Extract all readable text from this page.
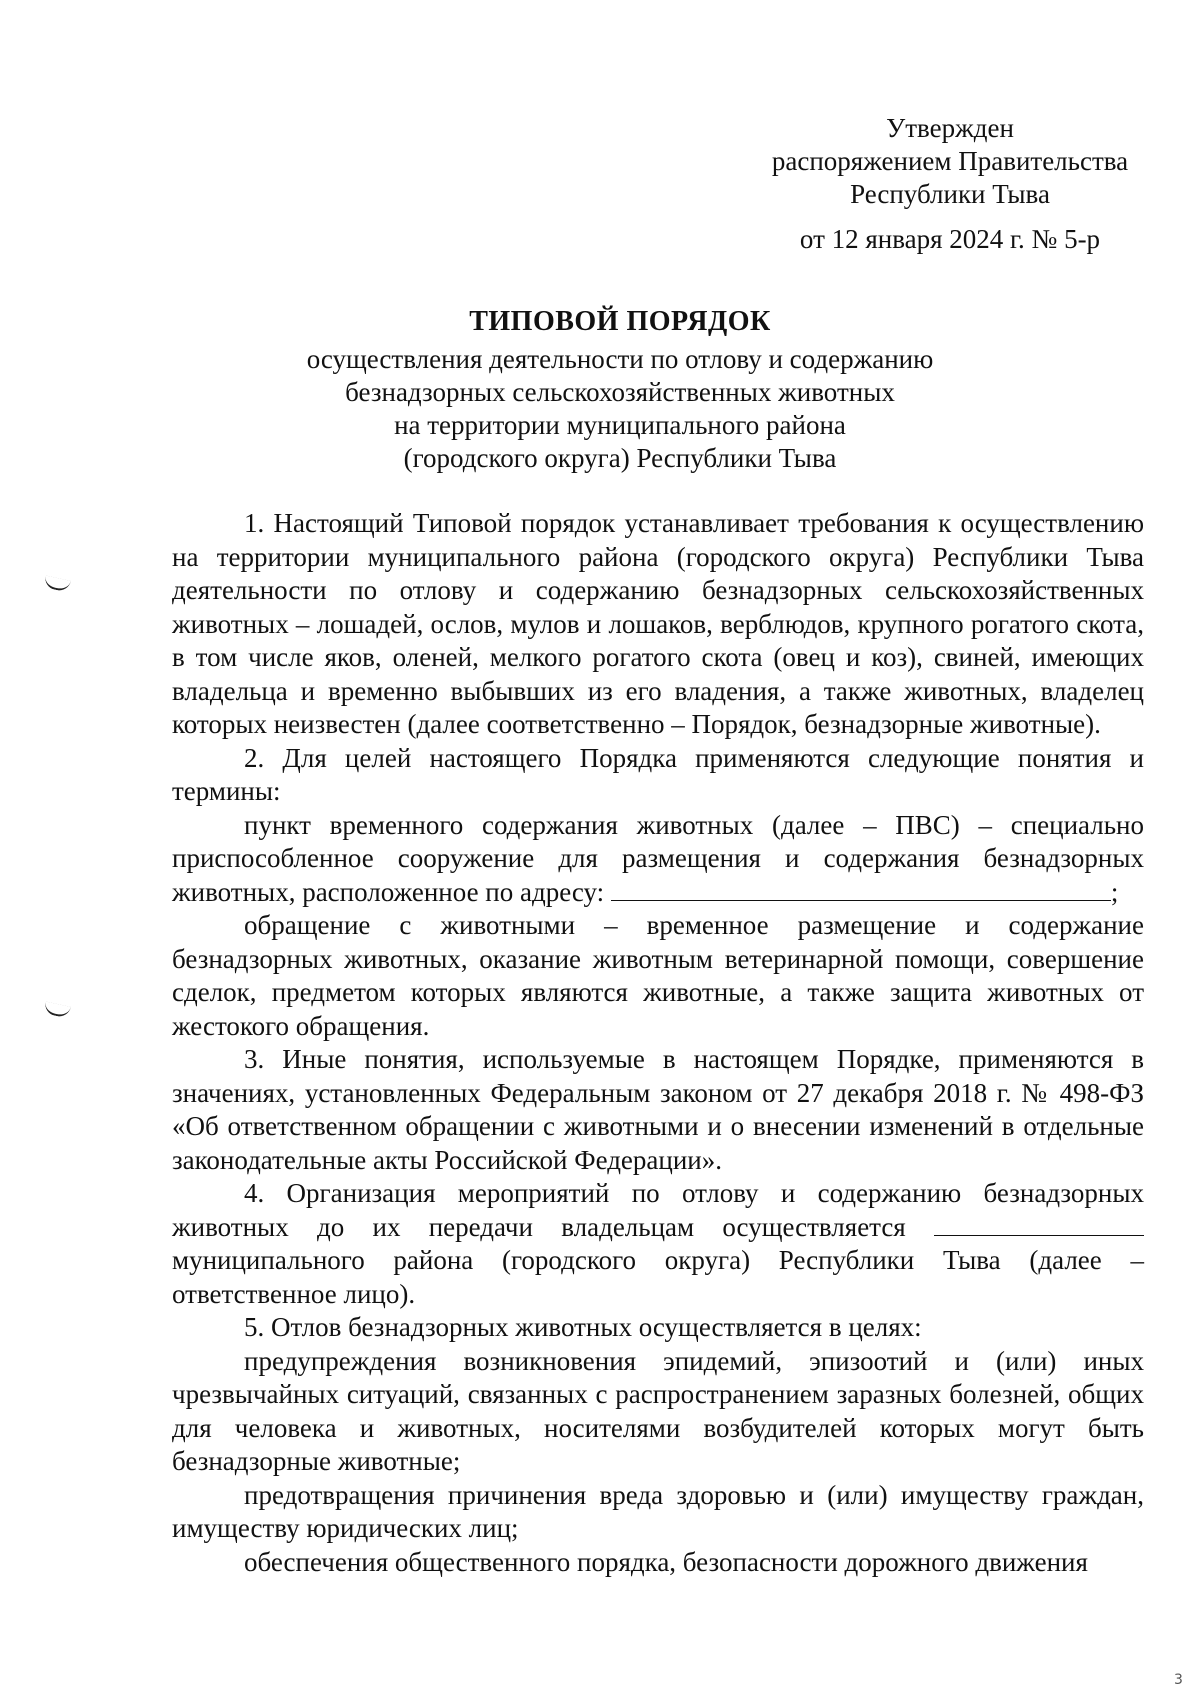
Утвержден
распоряжением Правительства
Республики Тыва
от 12 января 2024 г. № 5-р
ТИПОВОЙ ПОРЯДОК
осуществления деятельности по отлову и содержанию
безнадзорных сельскохозяйственных животных
на территории муниципального района
(городского округа) Республики Тыва

1. Настоящий Типовой порядок устанавливает требования к осуществлению на территории муниципального района (городского округа) Республики Тыва деятельности по отлову и содержанию безнадзорных сельскохозяйственных животных – лошадей, ослов, мулов и лошаков, верблюдов, крупного рогатого скота, в том числе яков, оленей, мелкого рогатого скота (овец и коз), свиней, имеющих владельца и временно выбывших из его владения, а также животных, владелец которых неизвестен (далее соответственно – Порядок, безнадзорные животные).

2. Для целей настоящего Порядка применяются следующие понятия и термины:

пункт временного содержания животных (далее – ПВС) – специально приспособленное сооружение для размещения и содержания безнадзорных животных, расположенное по адресу:	;

обращение с животными – временное размещение и содержание безнадзорных животных, оказание животным ветеринарной помощи, совершение сделок, предметом которых являются животные, а также защита животных от жестокого обращения.

3. Иные понятия, используемые в настоящем Порядке, применяются в значениях, установленных Федеральным законом от 27 декабря 2018 г. № 498-ФЗ «Об ответственном обращении с животными и о внесении изменений в отдельные законодательные акты Российской Федерации».

4. Организация мероприятий по отлову и содержанию безнадзорных животных до их передачи владельцам осуществляется  муниципального района (городского округа) Республики Тыва (далее – ответственное лицо).

5. Отлов безнадзорных животных осуществляется в целях:

предупреждения возникновения эпидемий, эпизоотий и (или) иных чрезвычайных ситуаций, связанных с распространением заразных болезней, общих для человека и животных, носителями возбудителей которых могут быть безнадзорные животные;

предотвращения причинения вреда здоровью и (или) имуществу граждан, имуществу юридических лиц;

обеспечения общественного порядка, безопасности дорожного движения

3
